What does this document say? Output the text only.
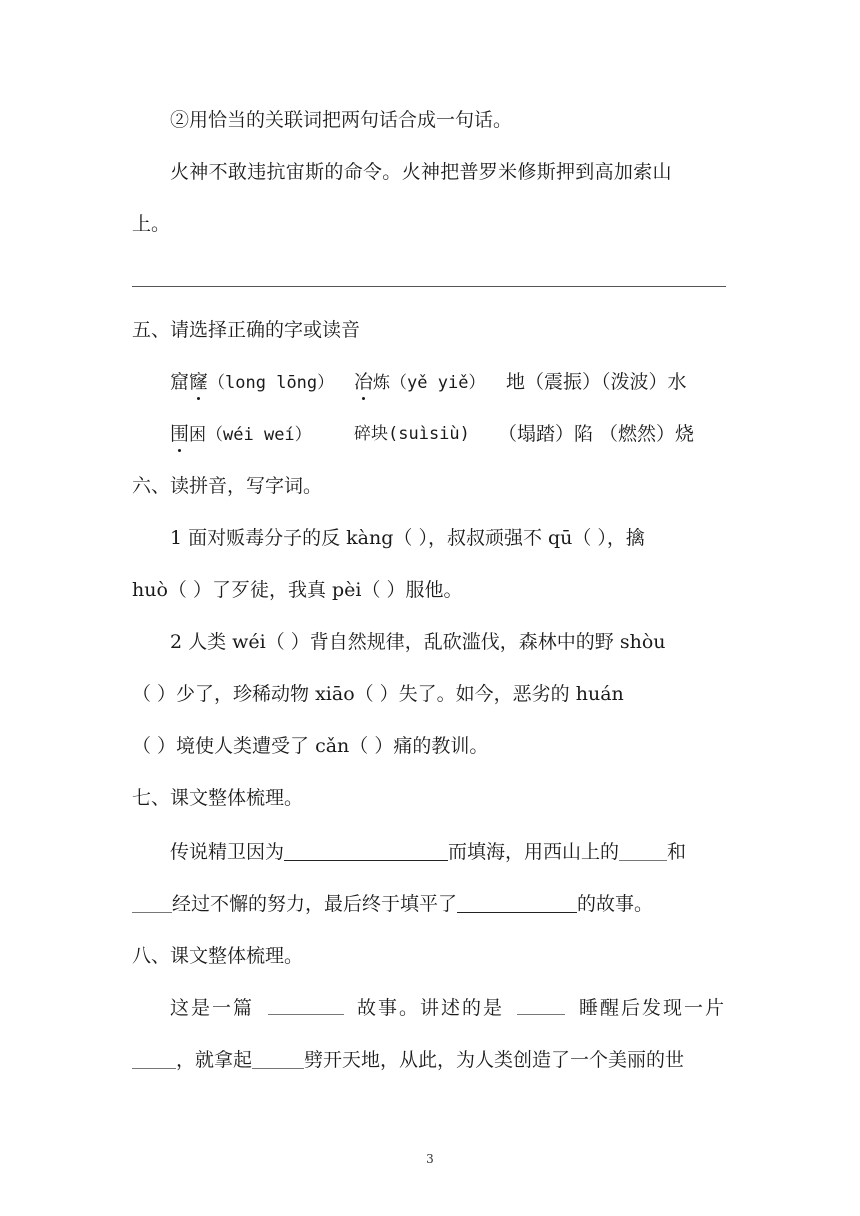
②用恰当的关联词把两句话合成一句话。
火神不敢违抗宙斯的命令。火神把普罗米修斯押到高加索山
上。
五、请选择正确的字或读音
窟窿（long lōng） 冶炼（yě yiě） 地（震振）（泼波）水
围困（wéi weí） 碎块(suìsiù) （塌踏）陷 （燃然）烧
六、读拼音，写字词。
1 面对贩毒分子的反 kàng（ ），叔叔顽强不 qū（ ），擒
huò（ ）了歹徒，我真 pèi（ ）服他。
2 人类 wéi（ ）背自然规律，乱砍滥伐，森林中的野 shòu
（ ）少了，珍稀动物 xiāo（ ）失了。如今，恶劣的 huán
（ ）境使人类遭受了 cǎn（ ）痛的教训。
七、课文整体梳理。
传说精卫因为	而填海，用西山上的	和
经过不懈的努力，最后终于填平了	的故事。
八、课文整体梳理。
这是一篇	故事。讲述的是	睡醒后发现一片
，就拿起	劈开天地，从此，为人类创造了一个美丽的世
3
